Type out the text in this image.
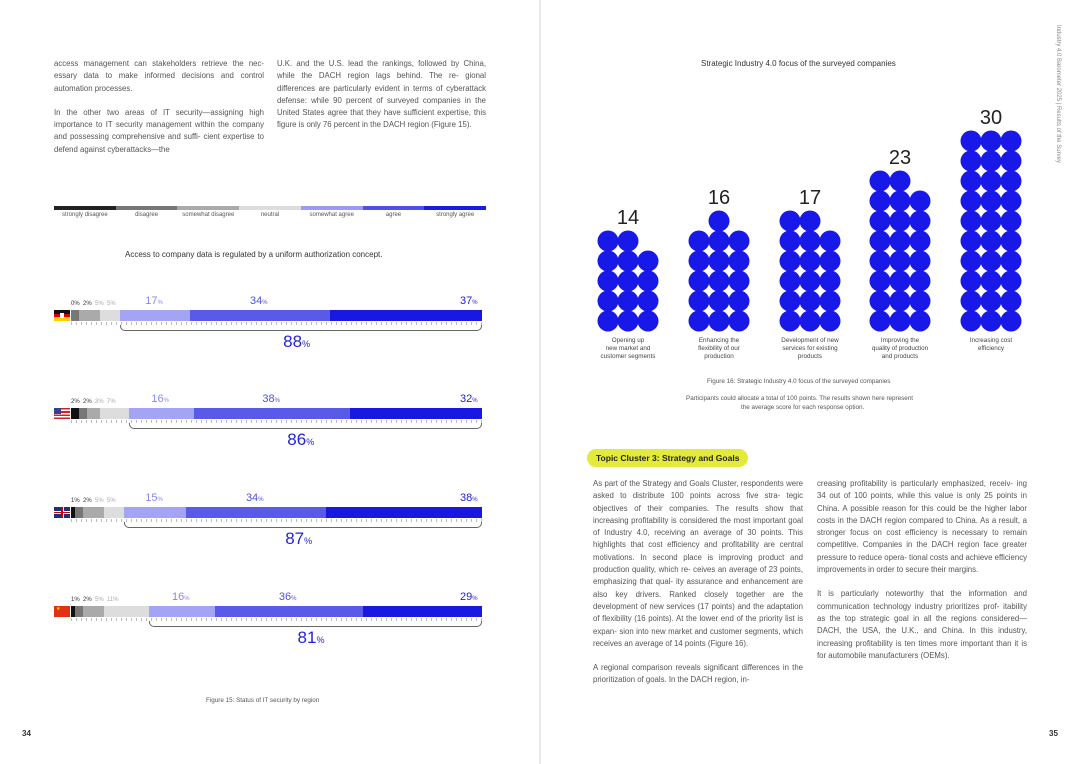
access management can stakeholders retrieve the nec- essary data to make informed decisions and control automation processes.

In the other two areas of IT security—assigning high importance to IT security management within the company and possessing comprehensive and suffi- cient expertise to defend against cyberattacks—the

U.K. and the U.S. lead the rankings, followed by China, while the DACH region lags behind. The re- gional differences are particularly evident in terms of cyberattack defense: while 90 percent of surveyed companies in the United States agree that they have sufficient expertise, this figure is only 76 percent in the DACH region (Figure 15).

strongly disagree	disagree	somewhat disagree	neutral	somewhat agree	agree	strongly agree
Access to company data is regulated by a uniform authorization concept.
0% 2% 5% 5%	17%	34%	37%
88%
2% 2% 3% 7%	16%	38%	32%
86%
1% 2% 5% 5%	15%	34%	38%
87%
★
1% 2% 5% 11%	16%	36%	29%
81%
Figure 15: Status of IT security by region
34
Strategic Industry 4.0 focus of the surveyed companies
14
Opening up
new market and
customer segments
16
Enhancing the
flexibility of our
production
17
Development of new
services for existing
products
23
Improving the
quality of production
and products
30
Increasing cost
efficiency
Figure 16: Strategic Industry 4.0 focus of the surveyed companies
Participants could allocate a total of 100 points. The results shown here represent
the average score for each response option.

As part of the Strategy and Goals Cluster, respondents were asked to distribute 100 points across five stra- tegic objectives of their companies. The results show that increasing profitability is considered the most important goal of Industry 4.0, receiving an average of 30 points. This highlights that cost efficiency and profitability are central motivations. In second place is improving product and production quality, which re- ceives an average of 23 points, emphasizing that qual- ity assurance and enhancement are also key drivers. Ranked closely together are the development of new services (17 points) and the adaptation of flexibility (16 points). At the lower end of the priority list is expan- sion into new market and customer segments, which receives an average of 14 points (Figure 16).

A regional comparison reveals significant differences in the prioritization of goals. In the DACH region, in-

creasing profitability is particularly emphasized, receiv- ing 34 out of 100 points, while this value is only 25 points in China. A possible reason for this could be the higher labor costs in the DACH region compared to China. As a result, a stronger focus on cost efficiency is necessary to remain competitive. Companies in the DACH region face greater pressure to reduce opera- tional costs and achieve efficiency improvements in order to secure their margins.

It is particularly noteworthy that the information and communication technology industry prioritizes prof- itability as the top strategic goal in all the regions considered—DACH, the USA, the U.K., and China. In this industry, increasing profitability is ten times more important than it is for automobile manufacturers (OEMs).

35
Topic Cluster 3: Strategy and Goals
Industry 4.0 Barometer 2025 | Results of the Survey
